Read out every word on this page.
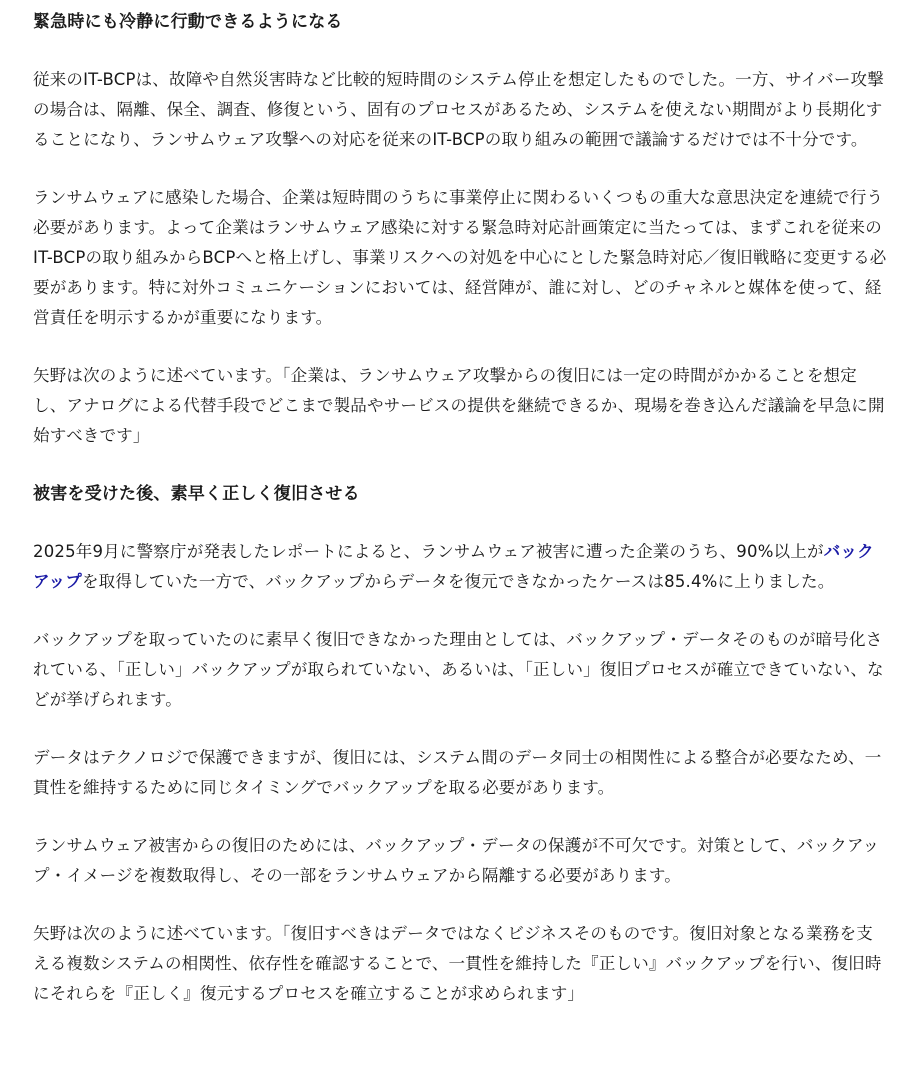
緊急時にも冷静に行動できるようになる

従来のIT-BCPは、故障や自然災害時など比較的短時間のシステム停止を想定したものでした。一方、サイバー攻撃の場合は、隔離、保全、調査、修復という、固有のプロセスがあるため、システムを使えない期間がより長期化することになり、ランサムウェア攻撃への対応を従来のIT-BCPの取り組みの範囲で議論するだけでは不十分です。

ランサムウェアに感染した場合、企業は短時間のうちに事業停止に関わるいくつもの重大な意思決定を連続で行う必要があります。よって企業はランサムウェア感染に対する緊急時対応計画策定に当たっては、まずこれを従来のIT-BCPの取り組みからBCPへと格上げし、事業リスクへの対処を中心にとした緊急時対応／復旧戦略に変更する必要があります。特に対外コミュニケーションにおいては、経営陣が、誰に対し、どのチャネルと媒体を使って、経営責任を明示するかが重要になります。

矢野は次のように述べています。「企業は、ランサムウェア攻撃からの復旧には一定の時間がかかることを想定し、アナログによる代替手段でどこまで製品やサービスの提供を継続できるか、現場を巻き込んだ議論を早急に開始すべきです」

被害を受けた後、素早く正しく復旧させる

2025年9月に警察庁が発表したレポートによると、ランサムウェア被害に遭った企業のうち、90%以上がバックアップを取得していた一方で、バックアップからデータを復元できなかったケースは85.4%に上りました。

バックアップを取っていたのに素早く復旧できなかった理由としては、バックアップ・データそのものが暗号化されている、「正しい」バックアップが取られていない、あるいは、「正しい」復旧プロセスが確立できていない、などが挙げられます。

データはテクノロジで保護できますが、復旧には、システム間のデータ同士の相関性による整合が必要なため、一貫性を維持するために同じタイミングでバックアップを取る必要があります。

ランサムウェア被害からの復旧のためには、バックアップ・データの保護が不可欠です。対策として、バックアップ・イメージを複数取得し、その一部をランサムウェアから隔離する必要があります。

矢野は次のように述べています。「復旧すべきはデータではなくビジネスそのものです。復旧対象となる業務を支える複数システムの相関性、依存性を確認することで、一貫性を維持した『正しい』バックアップを行い、復旧時にそれらを『正しく』復元するプロセスを確立することが求められます」
